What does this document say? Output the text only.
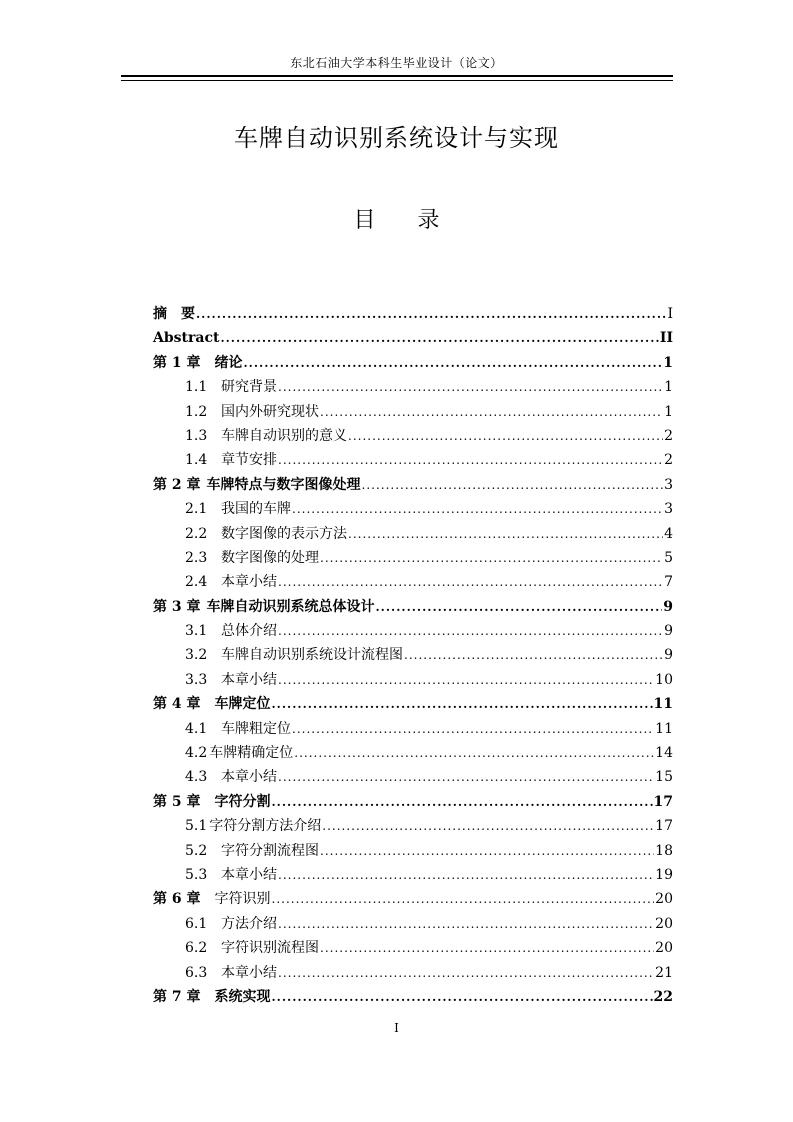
东北石油大学本科生毕业设计（论文）
车牌自动识别系统设计与实现
目 录
摘　要 .....	I
Abstract .....	II
第 1 章 绪论 .....	1
1.1 研究背景 .....	1
1.2 国内外研究现状 .....	1
1.3 车牌自动识别的意义 .....	2
1.4 章节安排 .....	2
第 2 章 车牌特点与数字图像处理 .....	3
2.1 我国的车牌 .....	3
2.2 数字图像的表示方法 .....	4
2.3 数字图像的处理 .....	5
2.4 本章小结 .....	7
第 3 章 车牌自动识别系统总体设计 .....	9
3.1 总体介绍 .....	9
3.2 车牌自动识别系统设计流程图 .....	9
3.3 本章小结 .....	10
第 4 章 车牌定位 .....	11
4.1 车牌粗定位 .....	11
4.2 车牌精确定位 .....	14
4.3 本章小结 .....	15
第 5 章 字符分割 .....	17
5.1 字符分割方法介绍 .....	17
5.2 字符分割流程图 .....	18
5.3 本章小结 .....	19
第 6 章 字符识别 .....	20
6.1 方法介绍 .....	20
6.2 字符识别流程图 .....	20
6.3 本章小结 .....	21
第 7 章 系统实现 .....	22
I
